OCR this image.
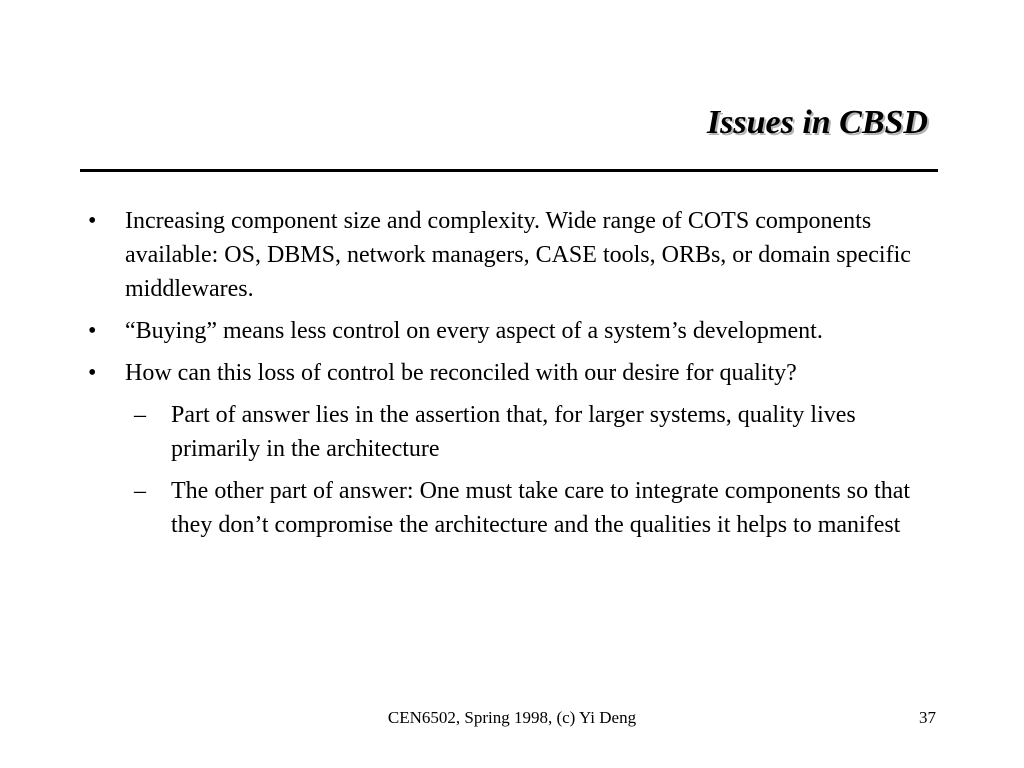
Issues in CBSD
• Increasing component size and complexity. Wide range of COTS components available: OS, DBMS, network managers, CASE tools, ORBs, or domain specific middlewares.
• “Buying” means less control on every aspect of a system’s development.
• How can this loss of control be reconciled with our desire for quality?
– Part of answer lies in the assertion that, for larger systems, quality lives primarily in the architecture
– The other part of answer: One must take care to integrate components so that they don’t compromise the architecture and the qualities it helps to manifest
CEN6502, Spring 1998, (c) Yi Deng	37
